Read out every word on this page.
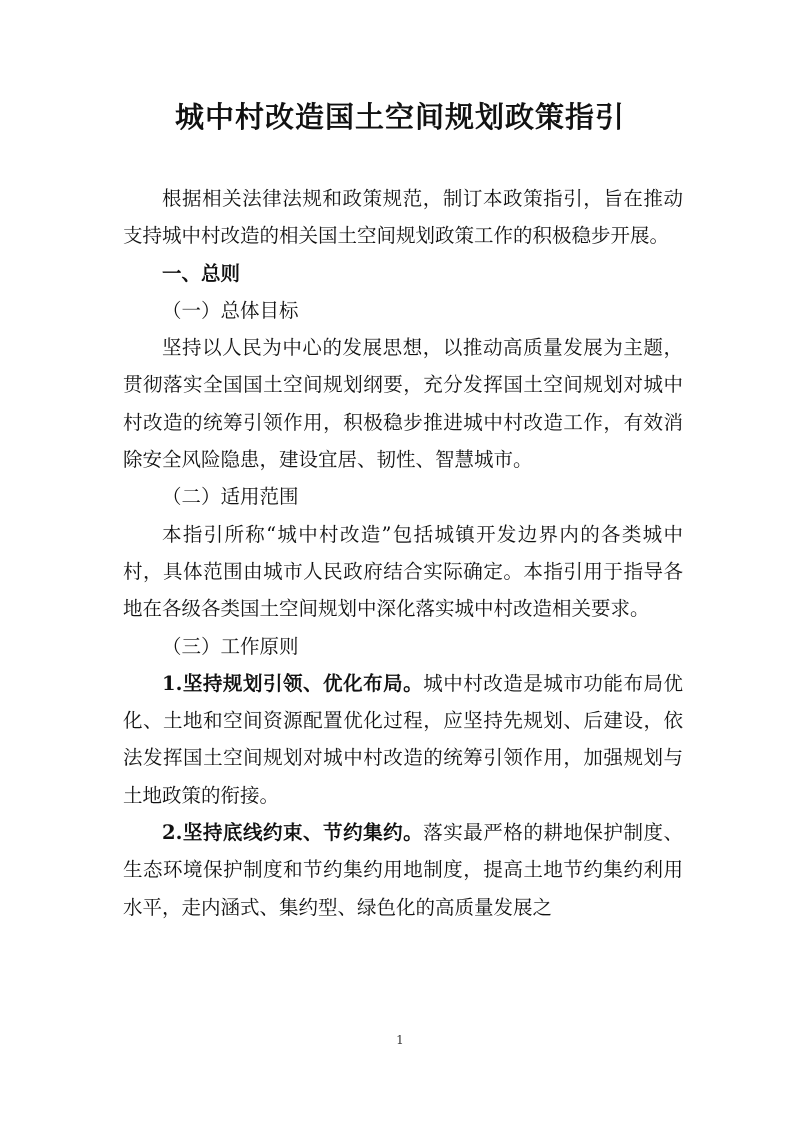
城中村改造国土空间规划政策指引

根据相关法律法规和政策规范，制订本政策指引，旨在推动支持城中村改造的相关国土空间规划政策工作的积极稳步开展。

一、总则

（一）总体目标

坚持以人民为中心的发展思想，以推动高质量发展为主题，贯彻落实全国国土空间规划纲要，充分发挥国土空间规划对城中村改造的统筹引领作用，积极稳步推进城中村改造工作，有效消除安全风险隐患，建设宜居、韧性、智慧城市。

（二）适用范围

本指引所称“城中村改造”包括城镇开发边界内的各类城中村，具体范围由城市人民政府结合实际确定。本指引用于指导各地在各级各类国土空间规划中深化落实城中村改造相关要求。

（三）工作原则

1.坚持规划引领、优化布局。城中村改造是城市功能布局优化、土地和空间资源配置优化过程，应坚持先规划、后建设，依法发挥国土空间规划对城中村改造的统筹引领作用，加强规划与土地政策的衔接。

2.坚持底线约束、节约集约。落实最严格的耕地保护制度、生态环境保护制度和节约集约用地制度，提高土地节约集约利用水平，走内涵式、集约型、绿色化的高质量发展之

1
